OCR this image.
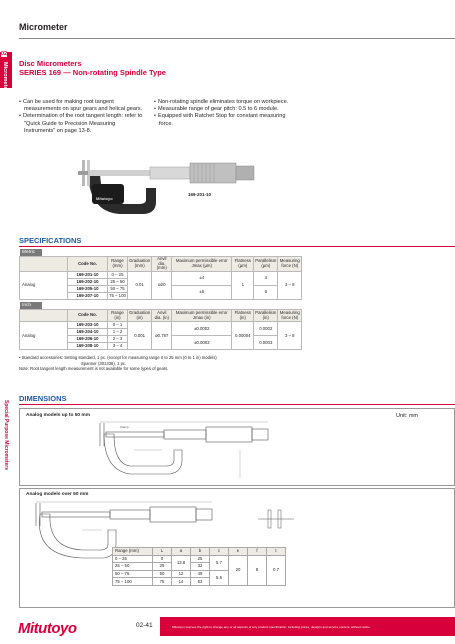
Micrometer
02
Micrometers
Special Purpose Micrometers
Disc Micrometers
SERIES 169 — Non-rotating Spindle Type
• Can be used for making root tangent measurements on spur gears and helical gears.
• Determination of the root tangent length: refer to "Quick Guide to Precision Measuring Instruments" on page 13-8.
• Non-rotating spindle eliminates torque on workpiece.
• Measurable range of gear pitch: 0.5 to 6 module.
• Equipped with Ratchet Stop for constant measuring force.
Mitutoyo
169-201-10
SPECIFICATIONS
Metric
	Code No.	Range (mm)	Graduation (mm)	Anvil dia. (mm)	Maximum permissible error Jmax (µm)	Flatness (µm)	Parallelism (µm)	Measuring force (N)
Analog	169-201-10	0 – 25	0.01	ø20	±4	1	4	3 – 8
	169-202-10	25 – 50						
	169-205-10	50 – 75			±6		6	
	169-207-10	75 – 100						
Inch
	Code No.	Range (in)	Graduation (in)	Anvil dia. (in)	Maximum permissible error Jmax (in)	Flatness (in)	Parallelism (in)	Measuring force (N)
Analog	169-203-10	0 – 1	0.001	ø0.787	±0.0002	0.00004	0.0002	3 – 8
	169-204-10	1 – 2						
	169-206-10	2 – 3			±0.0003		0.0003	
	169-208-10	3 – 4						
• Standard accessories: Setting standard, 1 pc. (except for measuring range 0 to 25 mm (0 to 1 in) models)
Spanner (301336), 1 pc.
Note: Root tangent length measurement is not available for some types of gears.
DIMENSIONS
Unit: mm
Analog models up to 50 mm
Clamp
Analog models over 50 mm
Range (mm)	L	a	b	c	e	f	t
0 – 25	0	13.8	25	5.7	20	8	0.7
25 – 50	25		32				
50 – 75	50	12	49	5.5			
75 – 100	75	14	63				
Mitutoyo	02-41	Mitutoyo reserves the right to change any or all aspects of any product specification, including prices, designs and service content, without notice.
